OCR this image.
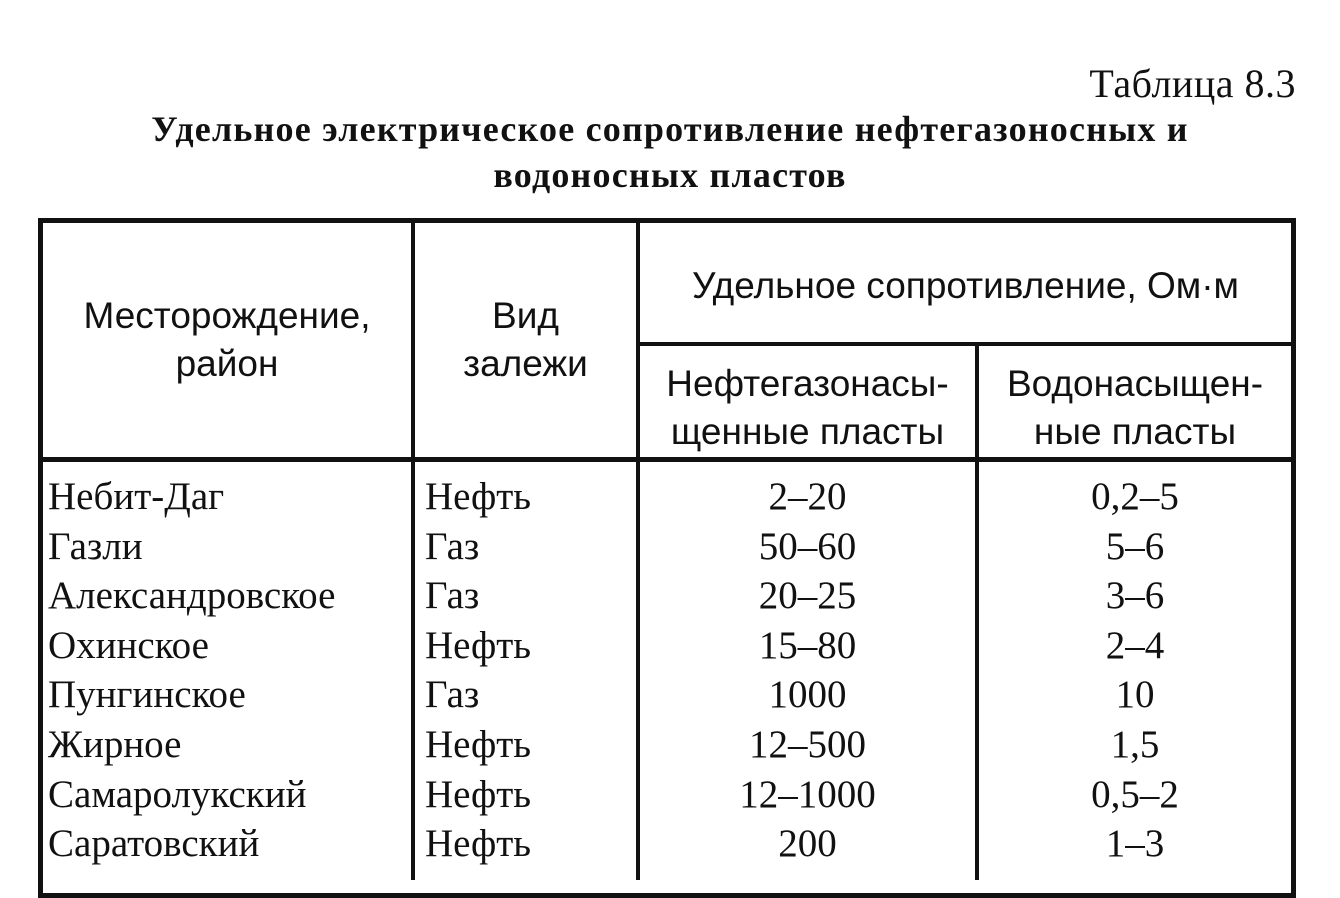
Таблица 8.3
Удельное электрическое сопротивление нефтегазоносных и
водоносных пластов
Месторождение,
район
Вид
залежи
Удельное сопротивление, Ом·м
Нефтегазонасы-
щенные пласты
Водонасыщен-
ные пласты
Небит-Даг
Газли
Александровское
Охинское
Пунгинское
Жирное
Самаролукский
Саратовский
Нефть
Газ
Газ
Нефть
Газ
Нефть
Нефть
Нефть
2–20
50–60
20–25
15–80
1000
12–500
12–1000
200
0,2–5
5–6
3–6
2–4
10
1,5
0,5–2
1–3
